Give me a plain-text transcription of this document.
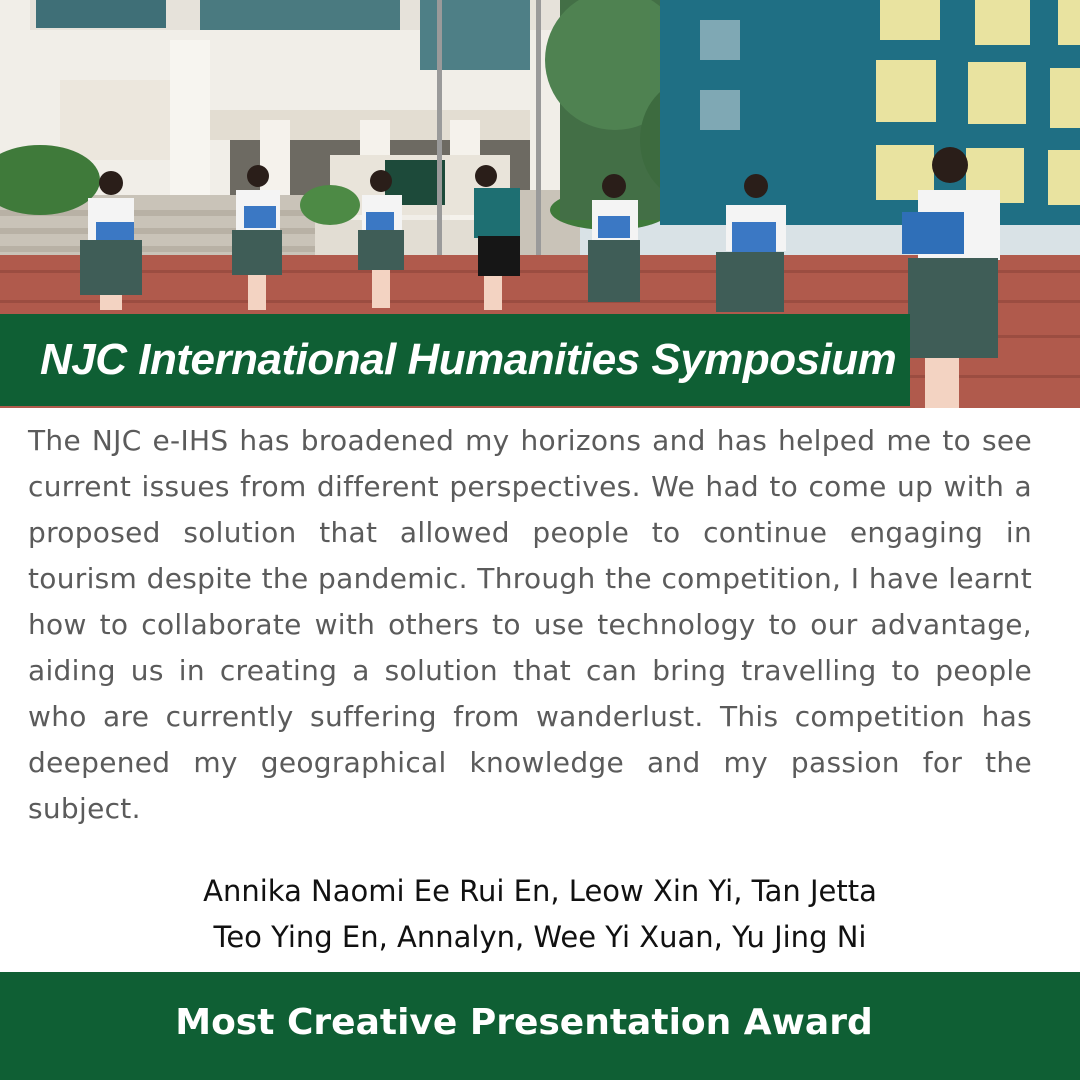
NJC International Humanities Symposium

The NJC e-IHS has broadened my horizons and has helped me to see current issues from different perspectives. We had to come up with a proposed solution that allowed people to continue engaging in tourism despite the pandemic. Through the competition, I have learnt how to collaborate with others to use technology to our advantage, aiding us in creating a solution that can bring travelling to people who are currently suffering from wanderlust. This competition has deepened my geographical knowledge and my passion for the subject.

Annika Naomi Ee Rui En, Leow Xin Yi, Tan Jetta
Teo Ying En, Annalyn, Wee Yi Xuan, Yu Jing Ni

Most Creative Presentation Award
